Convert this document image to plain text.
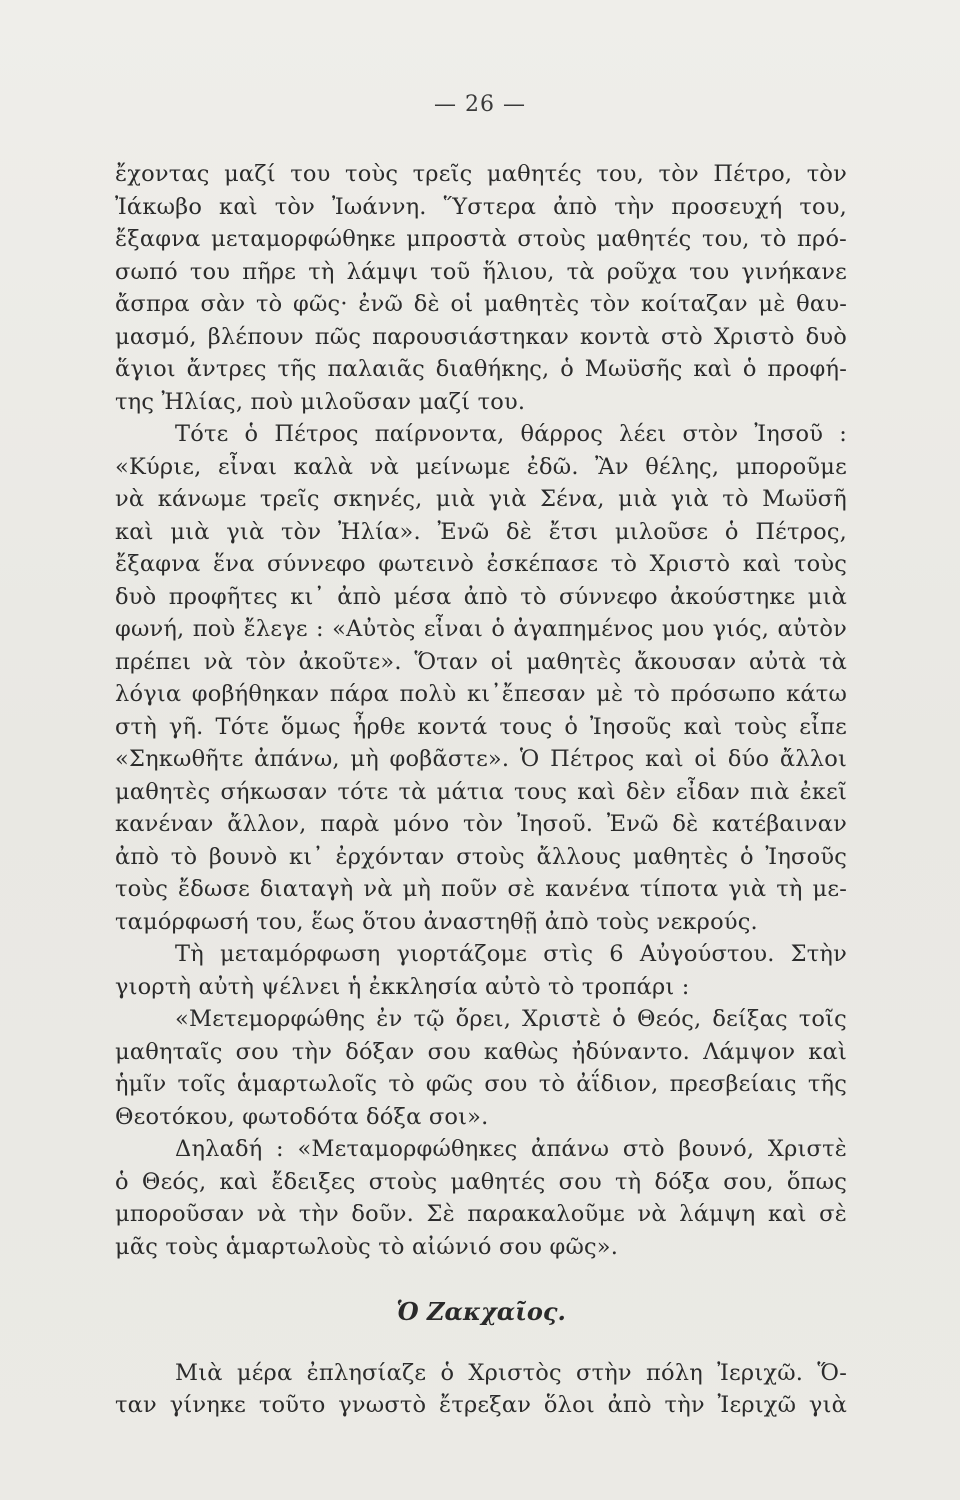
— 26 —
ἔχοντας μαζί του τοὺς τρεῖς μαθητές του, τὸν Πέτρο, τὸν
Ἰάκωβο καὶ τὸν Ἰωάννη. Ὕστερα ἀπὸ τὴν προσευχή του,
ἔξαφνα μεταμορφώθηκε μπροστὰ στοὺς μαθητές του, τὸ πρό-
σωπό του πῆρε τὴ λάμψι τοῦ ἥλιου, τὰ ροῦχα του γινήκανε
ἄσπρα σὰν τὸ φῶς· ἐνῶ δὲ οἱ μαθητὲς τὸν κοίταζαν μὲ θαυ-
μασμό, βλέπουν πῶς παρουσιάστηκαν κοντὰ στὸ Χριστὸ δυὸ
ἅγιοι ἄντρες τῆς παλαιᾶς διαθήκης, ὁ Μωϋσῆς καὶ ὁ προφή-
της Ἠλίας, ποὺ μιλοῦσαν μαζί του.
Τότε ὁ Πέτρος παίρνοντα, θάρρος λέει στὸν Ἰησοῦ :
«Κύριε, εἶναι καλὰ νὰ μείνωμε ἐδῶ. Ἂν θέλης, μποροῦμε
νὰ κάνωμε τρεῖς σκηνές, μιὰ γιὰ Σένα, μιὰ γιὰ τὸ Μωϋσῆ
καὶ μιὰ γιὰ τὸν Ἠλία». Ἐνῶ δὲ ἔτσι μιλοῦσε ὁ Πέτρος,
ἔξαφνα ἕνα σύννεφο φωτεινὸ ἐσκέπασε τὸ Χριστὸ καὶ τοὺς
δυὸ προφῆτες κι᾽ ἀπὸ μέσα ἀπὸ τὸ σύννεφο ἀκούστηκε μιὰ
φωνή, ποὺ ἔλεγε : «Αὐτὸς εἶναι ὁ ἀγαπημένος μου γιός, αὐτὸν
πρέπει νὰ τὸν ἀκοῦτε». Ὅταν οἱ μαθητὲς ἄκουσαν αὐτὰ τὰ
λόγια φοβήθηκαν πάρα πολὺ κι᾽ἔπεσαν μὲ τὸ πρόσωπο κάτω
στὴ γῆ. Τότε ὅμως ἦρθε κοντά τους ὁ Ἰησοῦς καὶ τοὺς εἶπε
«Σηκωθῆτε ἀπάνω, μὴ φοβᾶστε». Ὁ Πέτρος καὶ οἱ δύο ἄλλοι
μαθητὲς σήκωσαν τότε τὰ μάτια τους καὶ δὲν εἶδαν πιὰ ἐκεῖ
κανέναν ἄλλον, παρὰ μόνο τὸν Ἰησοῦ. Ἐνῶ δὲ κατέβαιναν
ἀπὸ τὸ βουνὸ κι᾽ ἐρχόνταν στοὺς ἄλλους μαθητὲς ὁ Ἰησοῦς
τοὺς ἔδωσε διαταγὴ νὰ μὴ ποῦν σὲ κανένα τίποτα γιὰ τὴ με-
ταμόρφωσή του, ἕως ὅτου ἀναστηθῇ ἀπὸ τοὺς νεκρούς.
Τὴ μεταμόρφωση γιορτάζομε στὶς 6 Αὐγούστου. Στὴν
γιορτὴ αὐτὴ ψέλνει ἡ ἐκκλησία αὐτὸ τὸ τροπάρι :
«Μετεμορφώθης ἐν τῷ ὄρει, Χριστὲ ὁ Θεός, δείξας τοῖς
μαθηταῖς σου τὴν δόξαν σου καθὼς ἠδύναντο. Λάμψον καὶ
ἡμῖν τοῖς ἁμαρτωλοῖς τὸ φῶς σου τὸ ἀΐδιον, πρεσβείαις τῆς
Θεοτόκου, φωτοδότα δόξα σοι».
Δηλαδή : «Μεταμορφώθηκες ἀπάνω στὸ βουνό, Χριστὲ
ὁ Θεός, καὶ ἔδειξες στοὺς μαθητές σου τὴ δόξα σου, ὅπως
μποροῦσαν νὰ τὴν δοῦν. Σὲ παρακαλοῦμε νὰ λάμψη καὶ σὲ
μᾶς τοὺς ἁμαρτωλοὺς τὸ αἰώνιό σου φῶς».
Ὁ Ζακχαῖος.
Μιὰ μέρα ἐπλησίαζε ὁ Χριστὸς στὴν πόλη Ἰεριχῶ. Ὅ-
ταν γίνηκε τοῦτο γνωστὸ ἔτρεξαν ὅλοι ἀπὸ τὴν Ἰεριχῶ γιὰ
